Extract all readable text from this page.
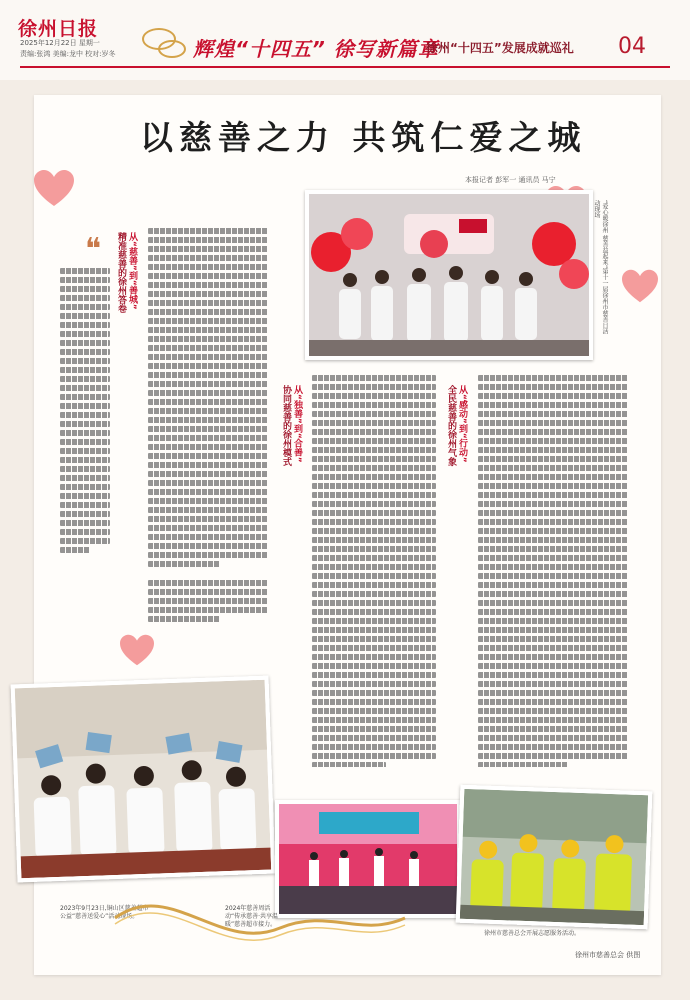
徐州日报
2025年12月22日 星期一
责编:张鸿 美编:龙中 校对:岁冬	辉煌“十四五” 徐写新篇章
徐州“十四五”发展成就巡礼 04
以慈善之力 共筑仁爱之城
本报记者 彭军一 通讯员 马宁
❝	从“慈善”到“善城”
精准慈善的徐州答卷	“爱心暖徐州 慈善益起来”第十一届徐州市慈善日活动现场
从“独善”到“合善”
协同慈善的徐州模式	从“感动”到“行动”
全民慈善的徐州气象
2023年9月23日,铜山区慈善超市公益“慈善送爱心”活动现场。
2024年慈善周活动“传承慈善·共享温暖”慈善超市接力。
徐州市慈善总会开展志愿服务活动。
徐州市慈善总会 供图
